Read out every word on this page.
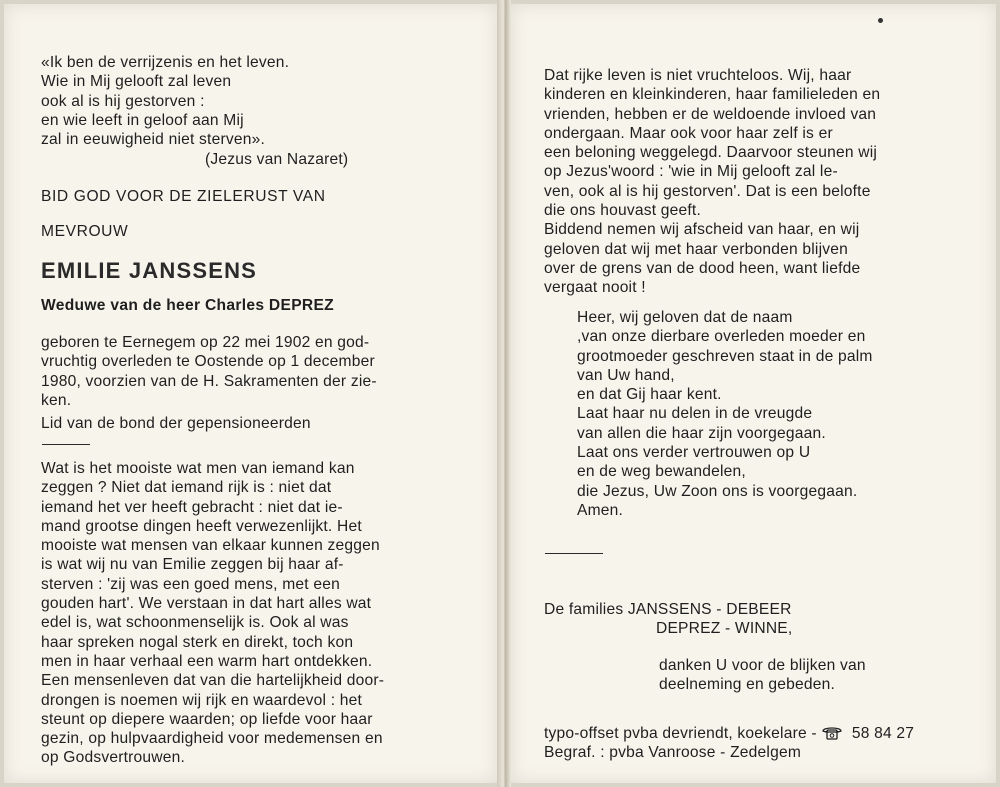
«Ik ben de verrijzenis en het leven.
Wie in Mij gelooft zal leven
ook al is hij gestorven :
en wie leeft in geloof aan Mij
zal in eeuwigheid niet sterven».
(Jezus van Nazaret)
BID GOD VOOR DE ZIELERUST VAN
MEVROUW
EMILIE JANSSENS
Weduwe van de heer Charles DEPREZ
geboren te Eernegem op 22 mei 1902 en god-
vruchtig overleden te Oostende op 1 december
1980, voorzien van de H. Sakramenten der zie-
ken.
Lid van de bond der gepensioneerden
Wat is het mooiste wat men van iemand kan
zeggen ? Niet dat iemand rijk is : niet dat
iemand het ver heeft gebracht : niet dat ie-
mand grootse dingen heeft verwezenlijkt. Het
mooiste wat mensen van elkaar kunnen zeggen
is wat wij nu van Emilie zeggen bij haar af-
sterven : 'zij was een goed mens, met een
gouden hart'. We verstaan in dat hart alles wat
edel is, wat schoonmenselijk is. Ook al was
haar spreken nogal sterk en direkt, toch kon
men in haar verhaal een warm hart ontdekken.
Een mensenleven dat van die hartelijkheid door-
drongen is noemen wij rijk en waardevol : het
steunt op diepere waarden; op liefde voor haar
gezin, op hulpvaardigheid voor medemensen en
op Godsvertrouwen.
Dat rijke leven is niet vruchteloos. Wij, haar
kinderen en kleinkinderen, haar familieleden en
vrienden, hebben er de weldoende invloed van
ondergaan. Maar ook voor haar zelf is er
een beloning weggelegd. Daarvoor steunen wij
op Jezus'woord : 'wie in Mij gelooft zal le-
ven, ook al is hij gestorven'. Dat is een belofte
die ons houvast geeft.
Biddend nemen wij afscheid van haar, en wij
geloven dat wij met haar verbonden blijven
over de grens van de dood heen, want liefde
vergaat nooit !
Heer, wij geloven dat de naam
,van onze dierbare overleden moeder en
grootmoeder geschreven staat in de palm
van Uw hand,
en dat Gij haar kent.
Laat haar nu delen in de vreugde
van allen die haar zijn voorgegaan.
Laat ons verder vertrouwen op U
en de weg bewandelen,
die Jezus, Uw Zoon ons is voorgegaan.
Amen.
De families JANSSENS - DEBEER
DEPREZ - WINNE,
danken U voor de blijken van
deelneming en gebeden.
typo-offset pvba devriendt, koekelare - 58 84 27
Begraf. : pvba Vanroose - Zedelgem
